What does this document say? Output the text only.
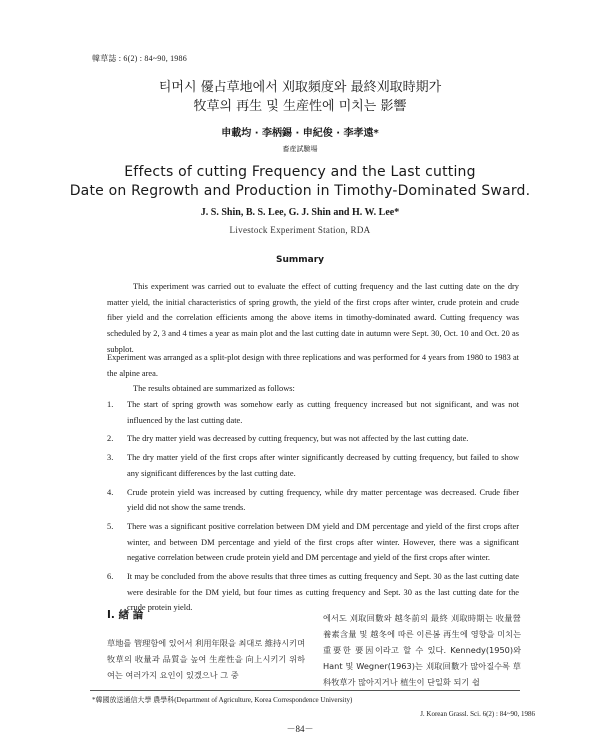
韓草誌 : 6(2) : 84~90, 1986
티머시 優占草地에서 刈取頻度와 最終刈取時期가
牧草의 再生 및 生産性에 미치는 影響
申載均 · 李柄錫 · 申紀俊 · 李孝遠*
畜産試驗場
Effects of cutting Frequency and the Last cutting
Date on Regrowth and Production in Timothy-Dominated Sward.
J. S. Shin, B. S. Lee, G. J. Shin and H. W. Lee*
Livestock Experiment Station, RDA
Summary
This experiment was carried out to evaluate the effect of cutting frequency and the last cutting date on the dry matter yield, the initial characteristics of spring growth, the yield of the first crops after winter, crude protein and crude fiber yield and the correlation efficients among the above items in timothy-dominated award. Cutting frequency was scheduled by 2, 3 and 4 times a year as main plot and the last cutting date in autumn were Sept. 30, Oct. 10 and Oct. 20 as subplot.
Experiment was arranged as a split-plot design with three replications and was performed for 4 years from 1980 to 1983 at the alpine area.
The results obtained are summarized as follows:
1. The start of spring growth was somehow early as cutting frequency increased but not significant, and was not influenced by the last cutting date.
2. The dry matter yield was decreased by cutting frequency, but was not affected by the last cutting date.
3. The dry matter yield of the first crops after winter significantly decreased by cutting frequency, but failed to show any significant differences by the last cutting date.
4. Crude protein yield was increased by cutting frequency, while dry matter percentage was decreased. Crude fiber yield did not show the same trends.
5. There was a significant positive correlation between DM yield and DM percentage and yield of the first crops after winter, and between DM percentage and yield of the first crops after winter. However, there was a significant negative correlation between crude protein yield and DM percentage and yield of the first crops after winter.
6. It may be concluded from the above results that three times as cutting frequency and Sept. 30 as the last cutting date were desirable for the DM yield, but four times as cutting frequency and Sept. 30 as the last cutting date for the crude protein yield.
Ⅰ. 緖 論
草地를 管理함에 있어서 利用年限을 최대로 維持시키며 牧草의 收量과 品質을 높여 生産性을 向上시키기 위하여는 여러가지 요인이 있겠으나 그 중
에서도 刈取回數와 越冬前의 最終 刈取時期는 收量營養素含量 및 越冬에 따른 이른봄 再生에 영향을 미치는 重要한 要因이라고 할 수 있다. Kennedy(1950)와 Hant 및 Wegner(1963)는 刈取回數가 많아질수록 草科牧草가 많아지거나 植生이 단일화 되기 쉽
*韓國放送通信大學 農學科(Department of Agriculture, Korea Correspondence University)
J. Korean Grassl. Sci. 6(2) : 84~90, 1986
－84－
